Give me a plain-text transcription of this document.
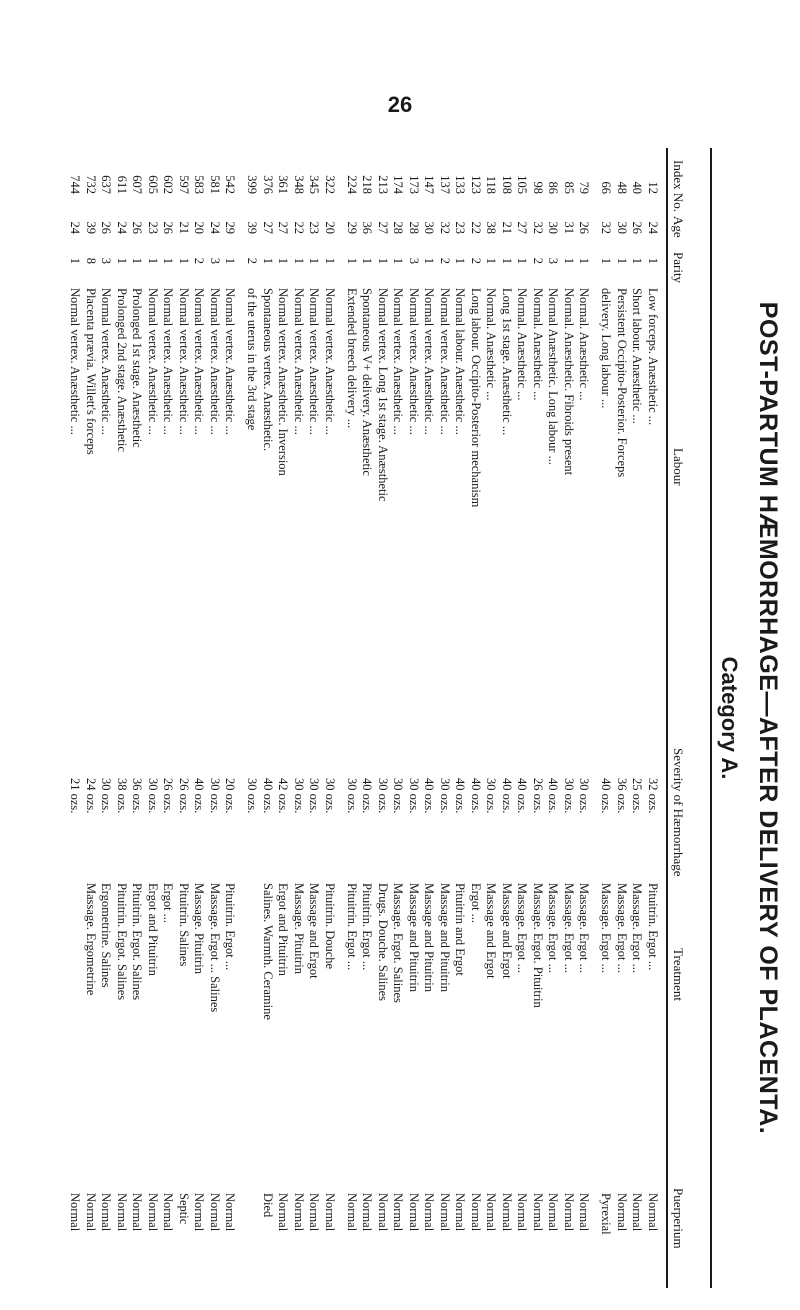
26
POST-PARTUM HÆMORRHAGE—AFTER DELIVERY OF PLACENTA.
Category A.
Index No.
Age
Parity
Labour
Severity of Hæmorrhage
Treatment
Puerperium
12
24
1
Low forceps. Anæsthetic ...
32 ozs.
Pituitrin. Ergot ...
Normal
40
26
1
Short labour. Anæsthetic ...
25 ozs.
Massage. Ergot ...
Normal
48
30
1
Persistent Occipito-Posterior. Forceps
36 ozs.
Massage. Ergot ...
Normal
66
32
1
delivery. Long labour ...
40 ozs.
Massage. Ergot ...
Pyrexial
79
26
1
Normal. Anæsthetic ...
30 ozs.
Massage. Ergot ...
Normal
85
31
1
Normal. Anæsthetic. Fibroids present
30 ozs.
Massage. Ergot ...
Normal
86
30
3
Normal Anæsthetic. Long labour ...
40 ozs.
Massage. Ergot ...
Normal
98
32
2
Normal. Anæsthetic ...
26 ozs.
Massage. Ergot. Pituitrin
Normal
105
27
1
Normal. Anæsthetic ...
40 ozs.
Massage. Ergot ...
Normal
108
21
1
Long 1st stage. Anæsthetic ...
40 ozs.
Massage and Ergot
Normal
118
38
1
Normal. Anæsthetic ...
30 ozs.
Massage and Ergot
Normal
123
22
2
Long labour. Occipito-Posterior mechanism
40 ozs.
Ergot ...
Normal
133
23
1
Normal labour. Anæsthetic ...
40 ozs.
Pituitrin and Ergot
Normal
137
32
2
Normal vertex. Anæsthetic ...
30 ozs.
Massage and Pituitrin
Normal
147
30
1
Normal vertex. Anæsthetic ...
40 ozs.
Massage and Pituitrin
Normal
173
28
3
Normal vertex. Anæsthetic ...
30 ozs.
Massage and Pituitrin
Normal
174
28
1
Normal vertex. Anæsthetic ...
30 ozs.
Massage. Ergot. Salines
Normal
213
27
1
Normal vertex. Long 1st stage. Anæsthetic
30 ozs.
Drugs. Douche. Salines
Normal
218
36
1
Spontaneous V+ delivery. Anæsthetic
40 ozs.
Pituitrin. Ergot ...
Normal
224
29
1
Extended breech delivery ...
30 ozs.
Pituitrin. Ergot ...
Normal
322
20
1
Normal vertex. Anæsthetic ...
30 ozs.
Pituitrin. Douche
Normal
345
23
1
Normal vertex. Anæsthetic ...
30 ozs.
Massage and Ergot
Normal
348
22
1
Normal vertex. Anæsthetic ...
30 ozs.
Massage. Pituitrin
Normal
361
27
1
Normal vertex. Anæsthetic. Inversion
42 ozs.
Ergot and Pituitrin
Normal
376
27
1
Spontaneous vertex. Anæsthetic.
40 ozs.
Salines. Warmth. Ceramine
Died
399
39
2
of the uterus in the 3rd stage
30 ozs.
542
29
1
Normal vertex. Anæsthetic ...
20 ozs.
Pituitrin. Ergot ...
Normal
581
24
3
Normal vertex. Anæsthetic ...
30 ozs.
Massage. Ergot ... Salines
Normal
583
20
2
Normal vertex. Anæsthetic ...
40 ozs.
Massage. Pituitrin
Normal
597
21
1
Normal vertex. Anæsthetic ...
26 ozs.
Pituitrin. Salines
Septic
602
26
1
Normal vertex. Anæsthetic ...
26 ozs.
Ergot ...
Normal
605
23
1
Normal vertex. Anæsthetic ...
30 ozs.
Ergot and Pituitrin
Normal
607
26
1
Prolonged 1st stage. Anæsthetic
36 ozs.
Pituitrin. Ergot. Salines
Normal
611
24
1
Prolonged 2nd stage. Anæsthetic
38 ozs.
Pituitrin. Ergot. Salines
Normal
637
26
3
Normal vertex. Anæsthetic ...
30 ozs.
Ergometrine. Salines
Normal
732
39
8
Placenta prævia. Willett's forceps
24 ozs.
Massage. Ergometrine
Normal
744
24
1
Normal vertex. Anæsthetic ...
21 ozs.
Normal
